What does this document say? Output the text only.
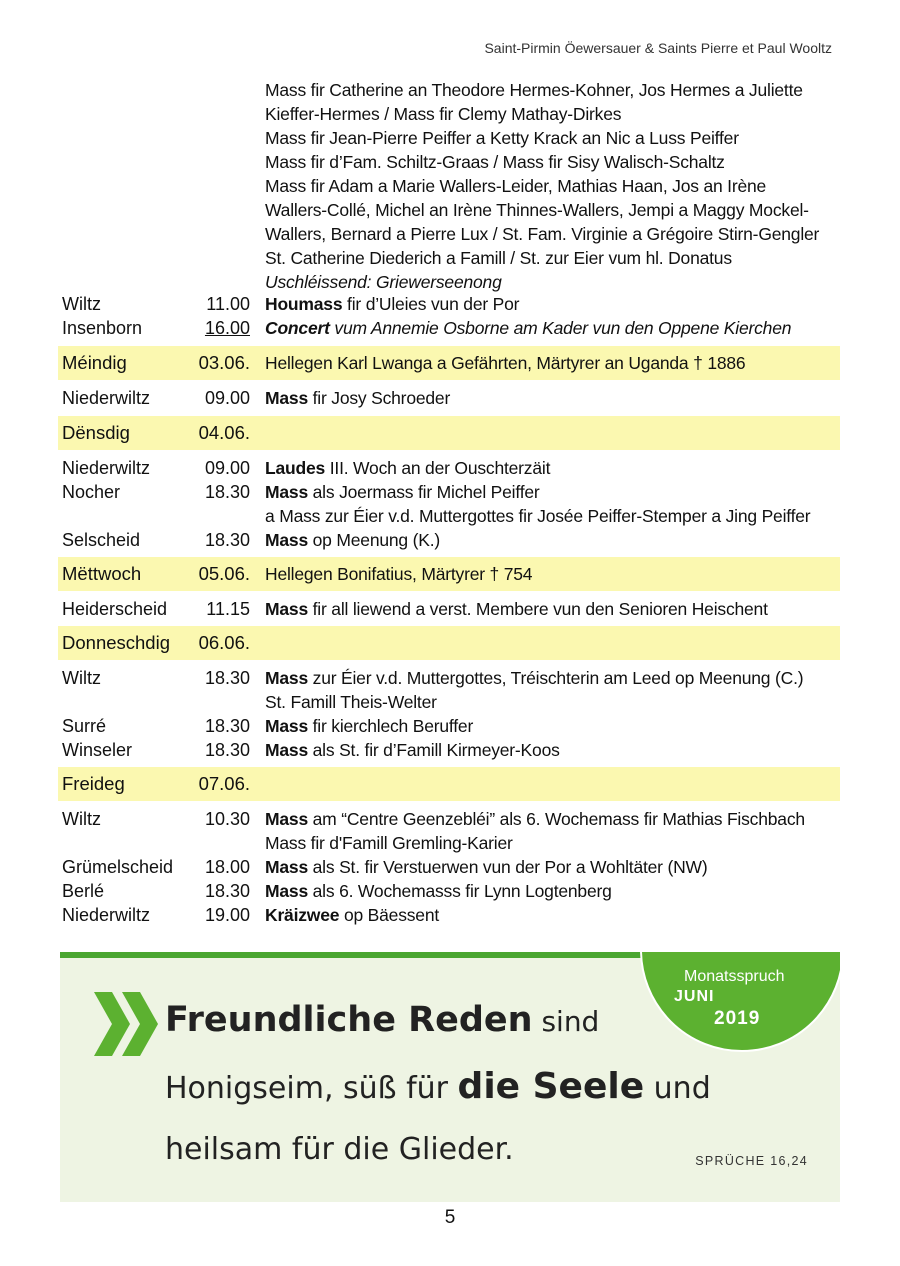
Saint-Pirmin Öewersauer & Saints Pierre et Paul Wooltz
Mass fir Catherine an Theodore Hermes-Kohner, Jos Hermes a Juliette
Kieffer-Hermes / Mass fir Clemy Mathay-Dirkes
Mass fir Jean-Pierre Peiffer a Ketty Krack an Nic a Luss Peiffer
Mass fir d’Fam. Schiltz-Graas / Mass fir Sisy Walisch-Schaltz
Mass fir Adam a Marie Wallers-Leider, Mathias Haan, Jos an Irène
Wallers-Collé, Michel an Irène Thinnes-Wallers, Jempi a Maggy Mockel-
Wallers, Bernard a Pierre Lux / St. Fam. Virginie a Grégoire Stirn-Gengler
St. Catherine Diederich a Famill / St. zur Eier vum hl. Donatus
Uschléissend: Griewerseenong
Wiltz	11.00 Houmass fir d’Uleies vun der Por
Insenborn	16.00 Concert vum Annemie Osborne am Kader vun den Oppene Kierchen
Méindig	03.06. Hellegen Karl Lwanga a Gefährten, Märtyrer an Uganda † 1886
Niederwiltz	09.00 Mass fir Josy Schroeder
Dënsdig	04.06.
Niederwiltz	09.00 Laudes III. Woch an der Ouschterzäit
Nocher	18.30 Mass als Joermass fir Michel Peiffer
a Mass zur Éier v.d. Muttergottes fir Josée Peiffer-Stemper a Jing Peiffer
Selscheid	18.30 Mass op Meenung (K.)
Mëttwoch	05.06. Hellegen Bonifatius, Märtyrer † 754
Heiderscheid	11.15 Mass fir all liewend a verst. Membere vun den Senioren Heischent
Donneschdig	06.06.
Wiltz	18.30 Mass zur Éier v.d. Muttergottes, Tréischterin am Leed op Meenung (C.)
St. Famill Theis-Welter
Surré	18.30 Mass fir kierchlech Beruffer
Winseler	18.30 Mass als St. fir d’Famill Kirmeyer-Koos
Freideg	07.06.
Wiltz	10.30 Mass am “Centre Geenzebléi” als 6. Wochemass fir Mathias Fischbach
Mass fir d'Famill Gremling-Karier
Grümelscheid	18.00 Mass als St. fir Verstuerwen vun der Por a Wohltäter (NW)
Berlé	18.30 Mass als 6. Wochemasss fir Lynn Logtenberg
Niederwiltz	19.00 Kräizwee op Bäessent
Freundliche Reden sind
Honigseim, süß für die Seele und
heilsam für die Glieder.	SPRÜCHE 16,24
Monatsspruch
JUNI
2019
5
